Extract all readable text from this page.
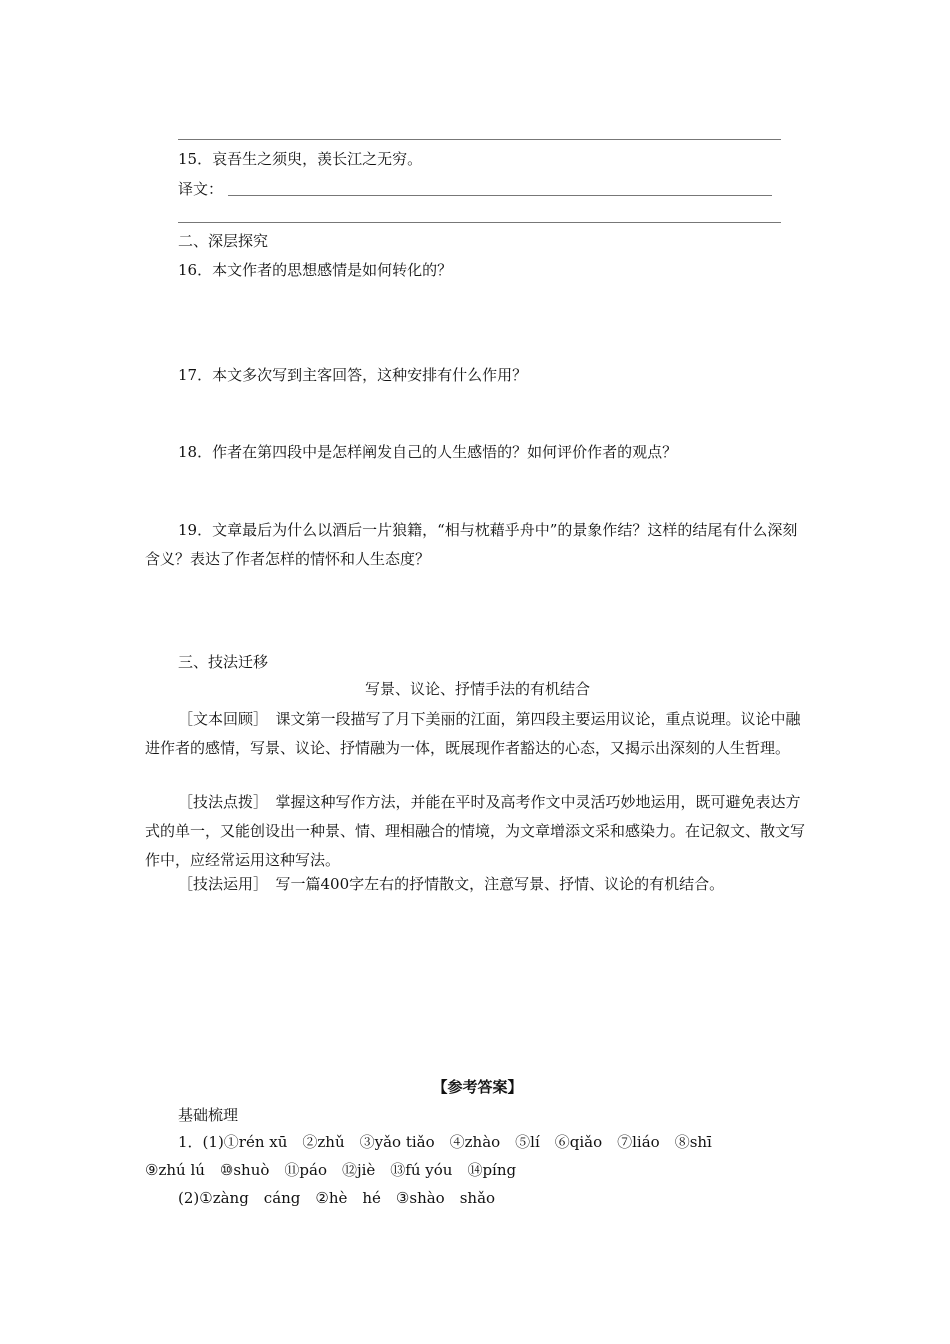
15．哀吾生之须臾，羡长江之无穷。
译文：
二、深层探究
16．本文作者的思想感情是如何转化的？
17．本文多次写到主客回答，这种安排有什么作用？
18．作者在第四段中是怎样阐发自己的人生感悟的？如何评价作者的观点？
19．文章最后为什么以酒后一片狼籍，“相与枕藉乎舟中”的景象作结？这样的结尾有什么深刻含义？表达了作者怎样的情怀和人生态度？
三、技法迁移
写景、议论、抒情手法的有机结合
［文本回顾］　课文第一段描写了月下美丽的江面，第四段主要运用议论，重点说理。议论中融进作者的感情，写景、议论、抒情融为一体，既展现作者豁达的心态，又揭示出深刻的人生哲理。
［技法点拨］　掌握这种写作方法，并能在平时及高考作文中灵活巧妙地运用，既可避免表达方式的单一，又能创设出一种景、情、理相融合的情境，为文章增添文采和感染力。在记叙文、散文写作中，应经常运用这种写法。
［技法运用］　写一篇400字左右的抒情散文，注意写景、抒情、议论的有机结合。
【参考答案】
基础梳理
1．(1)①rén xū　②zhǔ　③yǎo tiǎo　④zhào　⑤lí　⑥qiǎo　⑦liáo　⑧shī
⑨zhú lú　⑩shuò　⑪páo　⑫jiè　⑬fú yóu　⑭píng
(2)①zàng　cáng　②hè　hé　③shào　shǎo
